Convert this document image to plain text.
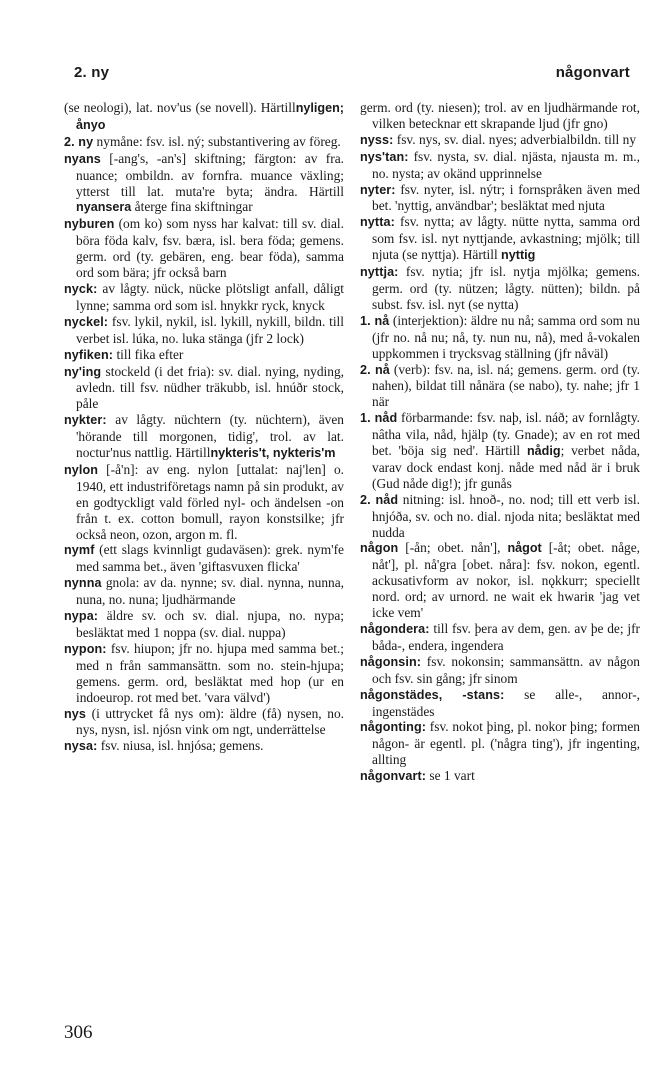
2. ny	någonvart

(se neologi), lat. nov'us (se novell). Härtillnyligen; ånyo

2. ny nymåne: fsv. isl. ný; substantivering av föreg.

nyans [-ang's, -an's] skiftning; färgton: av fra. nuance; ombildn. av fornfra. muance växling; ytterst till lat. muta're byta; ändra. Härtill nyansera återge fina skiftningar

nyburen (om ko) som nyss har kalvat: till sv. dial. böra föda kalv, fsv. bæra, isl. bera föda; gemens. germ. ord (ty. gebären, eng. bear föda), samma ord som bära; jfr också barn

nyck: av lågty. nück, nücke plötsligt anfall, dåligt lynne; samma ord som isl. hnykkr ryck, knyck

nyckel: fsv. lykil, nykil, isl. lykill, nykill, bildn. till verbet isl. lúka, no. luka stänga (jfr 2 lock)

nyfiken: till fika efter

ny'ing stockeld (i det fria): sv. dial. nying, nyding, avledn. till fsv. nüdher träkubb, isl. hnúðr stock, påle

nykter: av lågty. nüchtern (ty. nüchtern), även 'hörande till morgonen, tidig', trol. av lat. noctur'nus nattlig. Härtillnykteris't, nykteris'm

nylon [-å'n]: av eng. nylon [uttalat: naj'len] o. 1940, ett industriföretags namn på sin produkt, av en godtyckligt vald förled nyl- och ändelsen -on från t. ex. cotton bomull, rayon konstsilke; jfr också neon, ozon, argon m. fl.

nymf (ett slags kvinnligt gudaväsen): grek. nym'fe med samma bet., även 'giftasvuxen flicka'

nynna gnola: av da. nynne; sv. dial. nynna, nunna, nuna, no. nuna; ljudhärmande

nypa: äldre sv. och sv. dial. njupa, no. nypa; besläktat med 1 noppa (sv. dial. nuppa)

nypon: fsv. hiupon; jfr no. hjupa med samma bet.; med n från sammansättn. som no. stein-hjupa; gemens. germ. ord, besläktat med hop (ur en indoeurop. rot med bet. 'vara välvd')

nys (i uttrycket få nys om): äldre (få) nysen, no. nys, nysn, isl. njósn vink om ngt, underrättelse

nysa: fsv. niusa, isl. hnjósa; gemens.

germ. ord (ty. niesen); trol. av en ljudhärmande rot, vilken betecknar ett skrapande ljud (jfr gno)

nyss: fsv. nys, sv. dial. nyes; adverbialbildn. till ny

nys'tan: fsv. nysta, sv. dial. njästa, njausta m. m., no. nysta; av okänd upprinnelse

nyter: fsv. nyter, isl. nýtr; i fornspråken även med bet. 'nyttig, användbar'; besläktat med njuta

nytta: fsv. nytta; av lågty. nütte nytta, samma ord som fsv. isl. nyt nyttjande, avkastning; mjölk; till njuta (se nyttja). Härtill nyttig

nyttja: fsv. nytia; jfr isl. nytja mjölka; gemens. germ. ord (ty. nützen; lågty. nütten); bildn. på subst. fsv. isl. nyt (se nytta)

1. nå (interjektion): äldre nu nå; samma ord som nu (jfr no. nå nu; nå, ty. nun nu, nå), med å-vokalen uppkommen i trycksvag ställning (jfr nåväl)

2. nå (verb): fsv. na, isl. ná; gemens. germ. ord (ty. nahen), bildat till nånära (se nabo), ty. nahe; jfr 1 när

1. nåd förbarmande: fsv. naþ, isl. náð; av fornlågty. nâtha vila, nåd, hjälp (ty. Gnade); av en rot med bet. 'böja sig ned'. Härtill nådig; verbet nåda, varav dock endast konj. nåde med nåd är i bruk (Gud nåde dig!); jfr gunås

2. nåd nitning: isl. hnoð-, no. nod; till ett verb isl. hnjóða, sv. och no. dial. njoda nita; besläktat med nudda

någon [-ån; obet. nån'], något [-åt; obet. någe, nåt'], pl. nå'gra [obet. nåra]: fsv. nokon, egentl. ackusativform av nokor, isl. nǫkkurr; speciellt nord. ord; av urnord. ne wait ek hwariʀ 'jag vet icke vem'

någondera: till fsv. þera av dem, gen. av þe de; jfr båda-, endera, ingendera

någonsin: fsv. nokonsin; sammansättn. av någon och fsv. sin gång; jfr sinom

någonstädes, -stans: se alle-, annor-, ingenstädes

någonting: fsv. nokot þing, pl. nokor þing; formen någon- är egentl. pl. ('några ting'), jfr ingenting, allting

någonvart: se 1 vart

306
